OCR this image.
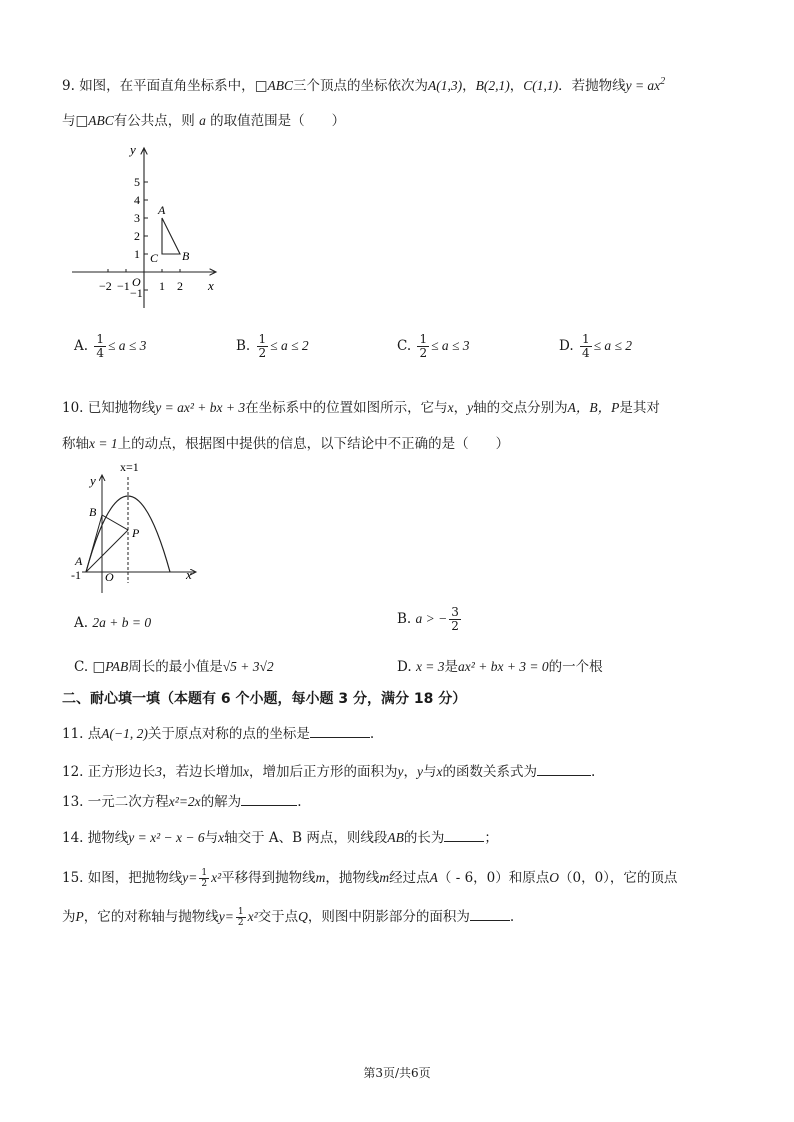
9. 如图，在平面直角坐标系中，□ABC三个顶点的坐标依次为A(1,3)，B(2,1)，C(1,1)．若抛物线$y = ax^2$
与□ABC有公共点，则 a 的取值范围是（　　）
y
x
O
A
B
C
−2 −1 1 2
5
4
3
2
1
−1
A. $\frac{1}{4} \le a \le 3$	B. $\frac{1}{2} \le a \le 2$	C. $\frac{1}{2} \le a \le 3$	D. $\frac{1}{4} \le a \le 2$
10. 已知抛物线y = ax² + bx + 3在坐标系中的位置如图所示，它与x，y轴的交点分别为A，B，P是其对
称轴x = 1上的动点，根据图中提供的信息，以下结论中不正确的是（　　）
x=1
y
x
B
P
A
-1 O
A. 2a + b = 0	B. a > − $\frac{3}{2}$
C. □PAB周长的最小值是√5 + 3√2	D. x = 3是ax² + bx + 3 = 0的一个根
二、耐心填一填（本题有 6 个小题，每小题 3 分，满分 18 分）
11. 点A(−1, 2)关于原点对称的点的坐标是	.
12. 正方形边长3，若边长增加x，增加后正方形的面积为y，y与x的函数关系式为	.
13. 一元二次方程x²=2x的解为	.
14. 抛物线y = x² − x − 6与x轴交于 A、B 两点，则线段AB的长为	；
15. 如图，把抛物线$y= \frac{1}{2} x^2$平移得到抛物线m，抛物线m经过点A（ - 6，0）和原点O（0，0），它的顶点
为P，它的对称轴与抛物线$y= \frac{1}{2} x^2$交于点Q，则图中阴影部分的面积为	.
第3页/共6页
